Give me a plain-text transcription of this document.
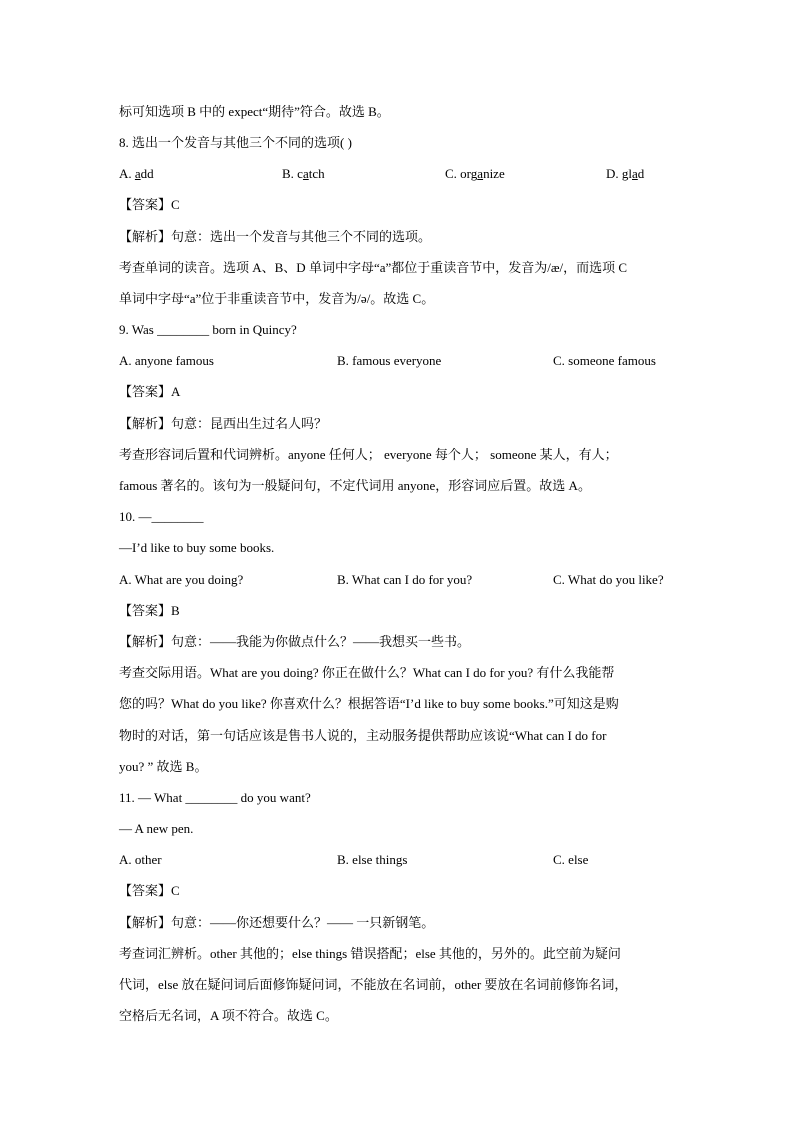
标可知选项 B 中的 expect“期待”符合。故选 B。
8. 选出一个发音与其他三个不同的选项( )
A. add	B. catch	C. organize	D. glad
【答案】C
【解析】句意：选出一个发音与其他三个不同的选项。
考查单词的读音。选项 A、B、D 单词中字母“a”都位于重读音节中，发音为/æ/，而选项 C
单词中字母“a”位于非重读音节中，发音为/ə/。故选 C。
9. Was ________ born in Quincy?
A. anyone famous	B. famous everyone	C. someone famous
【答案】A
【解析】句意：昆西出生过名人吗？
考查形容词后置和代词辨析。anyone 任何人； everyone 每个人； someone 某人，有人；
famous 著名的。该句为一般疑问句，不定代词用 anyone，形容词应后置。故选 A。
10. —________
—I’d like to buy some books.
A. What are you doing?	B. What can I do for you?	C. What do you like?
【答案】B
【解析】句意：——我能为你做点什么？——我想买一些书。
考查交际用语。What are you doing? 你正在做什么？What can I do for you? 有什么我能帮
您的吗？What do you like? 你喜欢什么？根据答语“I’d like to buy some books.”可知这是购
物时的对话，第一句话应该是售书人说的，主动服务提供帮助应该说“What can I do for
you? ” 故选 B。
11. — What ________ do you want?
— A new pen.
A. other	B. else things	C. else
【答案】C
【解析】句意：——你还想要什么？—— 一只新钢笔。
考查词汇辨析。other 其他的；else things 错误搭配；else 其他的，另外的。此空前为疑问
代词，else 放在疑问词后面修饰疑问词，不能放在名词前，other 要放在名词前修饰名词，
空格后无名词，A 项不符合。故选 C。
